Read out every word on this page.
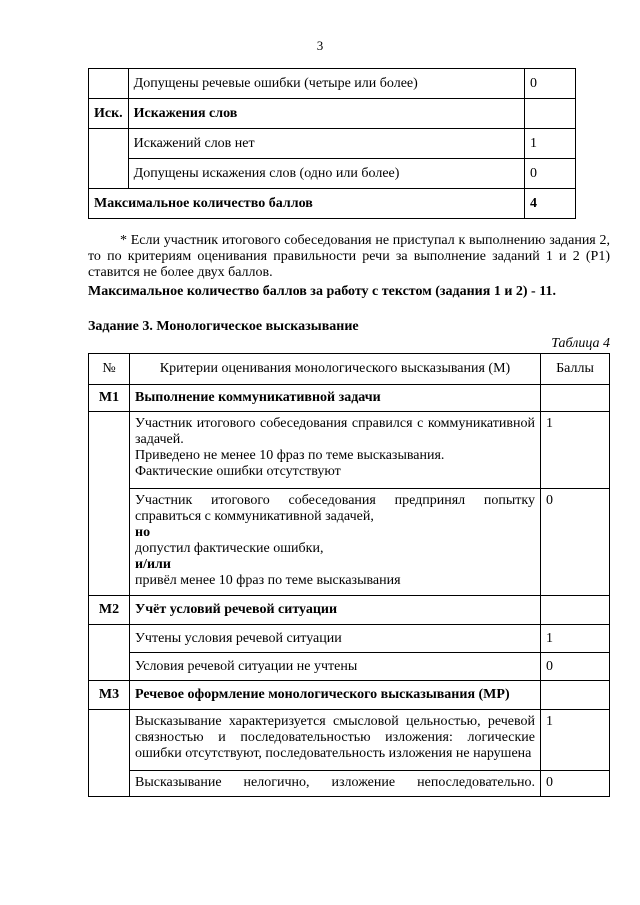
3
	Допущены речевые ошибки (четыре или более)	0
Иск.	Искажения слов	
	Искажений слов нет	1
	Допущены искажения слов (одно или более)	0
Максимальное количество баллов		4
* Если участник итогового собеседования не приступал к выполнению задания 2, то по критериям оценивания правильности речи за выполнение заданий 1 и 2 (Р1) ставится не более двух баллов.
Максимальное количество баллов за работу с текстом (задания 1 и 2) - 11.
Задание 3. Монологическое высказывание
Таблица 4
№	Критерии оценивания монологического высказывания (М)	Баллы
М1	Выполнение коммуникативной задачи	

	Участник итогового собеседования справился с коммуникативной задачей.
Приведено не менее 10 фраз по теме высказывания.
Фактические ошибки отсутствуют	1

	Участник итогового собеседования предпринял попытку справиться с коммуникативной задачей,
но
допустил фактические ошибки,
и/или
привёл менее 10 фраз по теме высказывания	0
М2	Учёт условий речевой ситуации	
	Учтены условия речевой ситуации	1
	Условия речевой ситуации не учтены	0
М3	Речевое оформление монологического высказывания (МР)	
	Высказывание характеризуется смысловой цельностью, речевой связностью и последовательностью изложения: логические ошибки отсутствуют, последовательность изложения не нарушена	1
	Высказывание нелогично, изложение непоследовательно.	0
